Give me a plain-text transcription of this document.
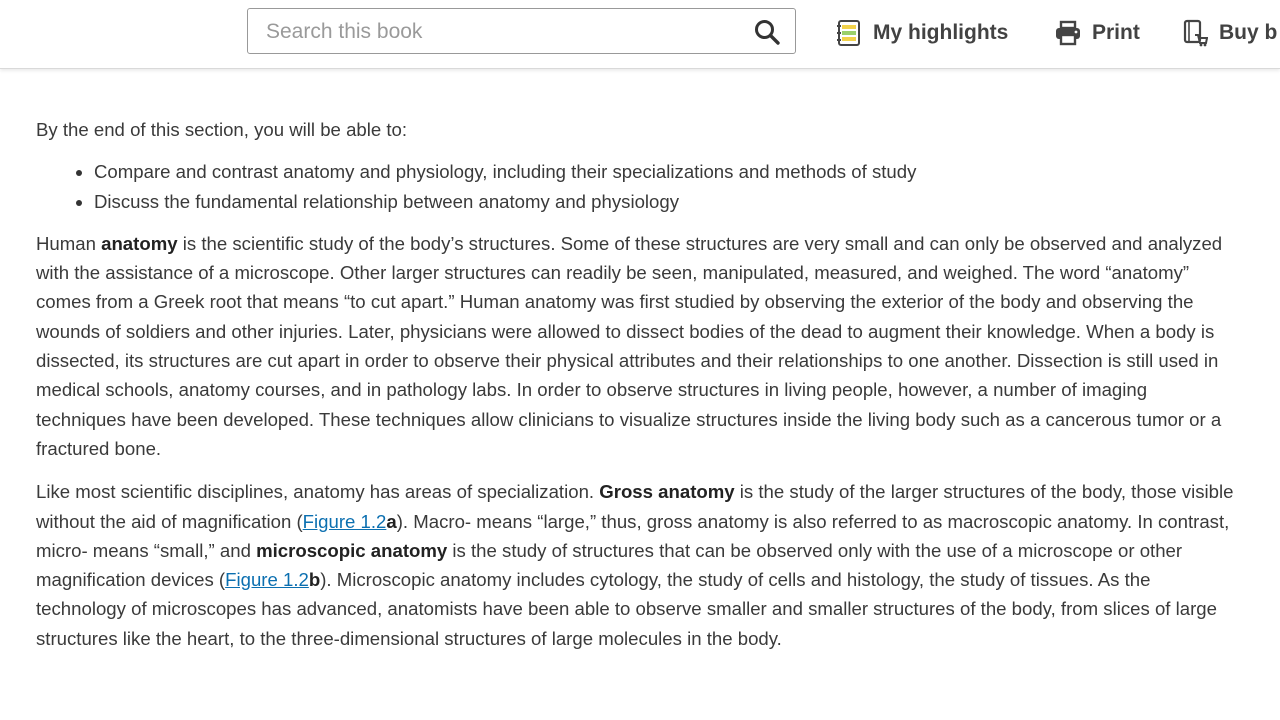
Search this book
My highlights	Print	Buy b
By the end of this section, you will be able to:
Compare and contrast anatomy and physiology, including their specializations and methods of study
Discuss the fundamental relationship between anatomy and physiology

Human anatomy is the scientific study of the body’s structures. Some of these structures are very small and can only be observed and analyzed with the assistance of a microscope. Other larger structures can readily be seen, manipulated, measured, and weighed. The word “anatomy” comes from a Greek root that means “to cut apart.” Human anatomy was first studied by observing the exterior of the body and observing the wounds of soldiers and other injuries. Later, physicians were allowed to dissect bodies of the dead to augment their knowledge. When a body is dissected, its structures are cut apart in order to observe their physical attributes and their relationships to one another. Dissection is still used in medical schools, anatomy courses, and in pathology labs. In order to observe structures in living people, however, a number of imaging techniques have been developed. These techniques allow clinicians to visualize structures inside the living body such as a cancerous tumor or a fractured bone.

Like most scientific disciplines, anatomy has areas of specialization. Gross anatomy is the study of the larger structures of the body, those visible without the aid of magnification (Figure 1.2a). Macro- means “large,” thus, gross anatomy is also referred to as macroscopic anatomy. In contrast, micro- means “small,” and microscopic anatomy is the study of structures that can be observed only with the use of a microscope or other magnification devices (Figure 1.2b). Microscopic anatomy includes cytology, the study of cells and histology, the study of tissues. As the technology of microscopes has advanced, anatomists have been able to observe smaller and smaller structures of the body, from slices of large structures like the heart, to the three-dimensional structures of large molecules in the body.
